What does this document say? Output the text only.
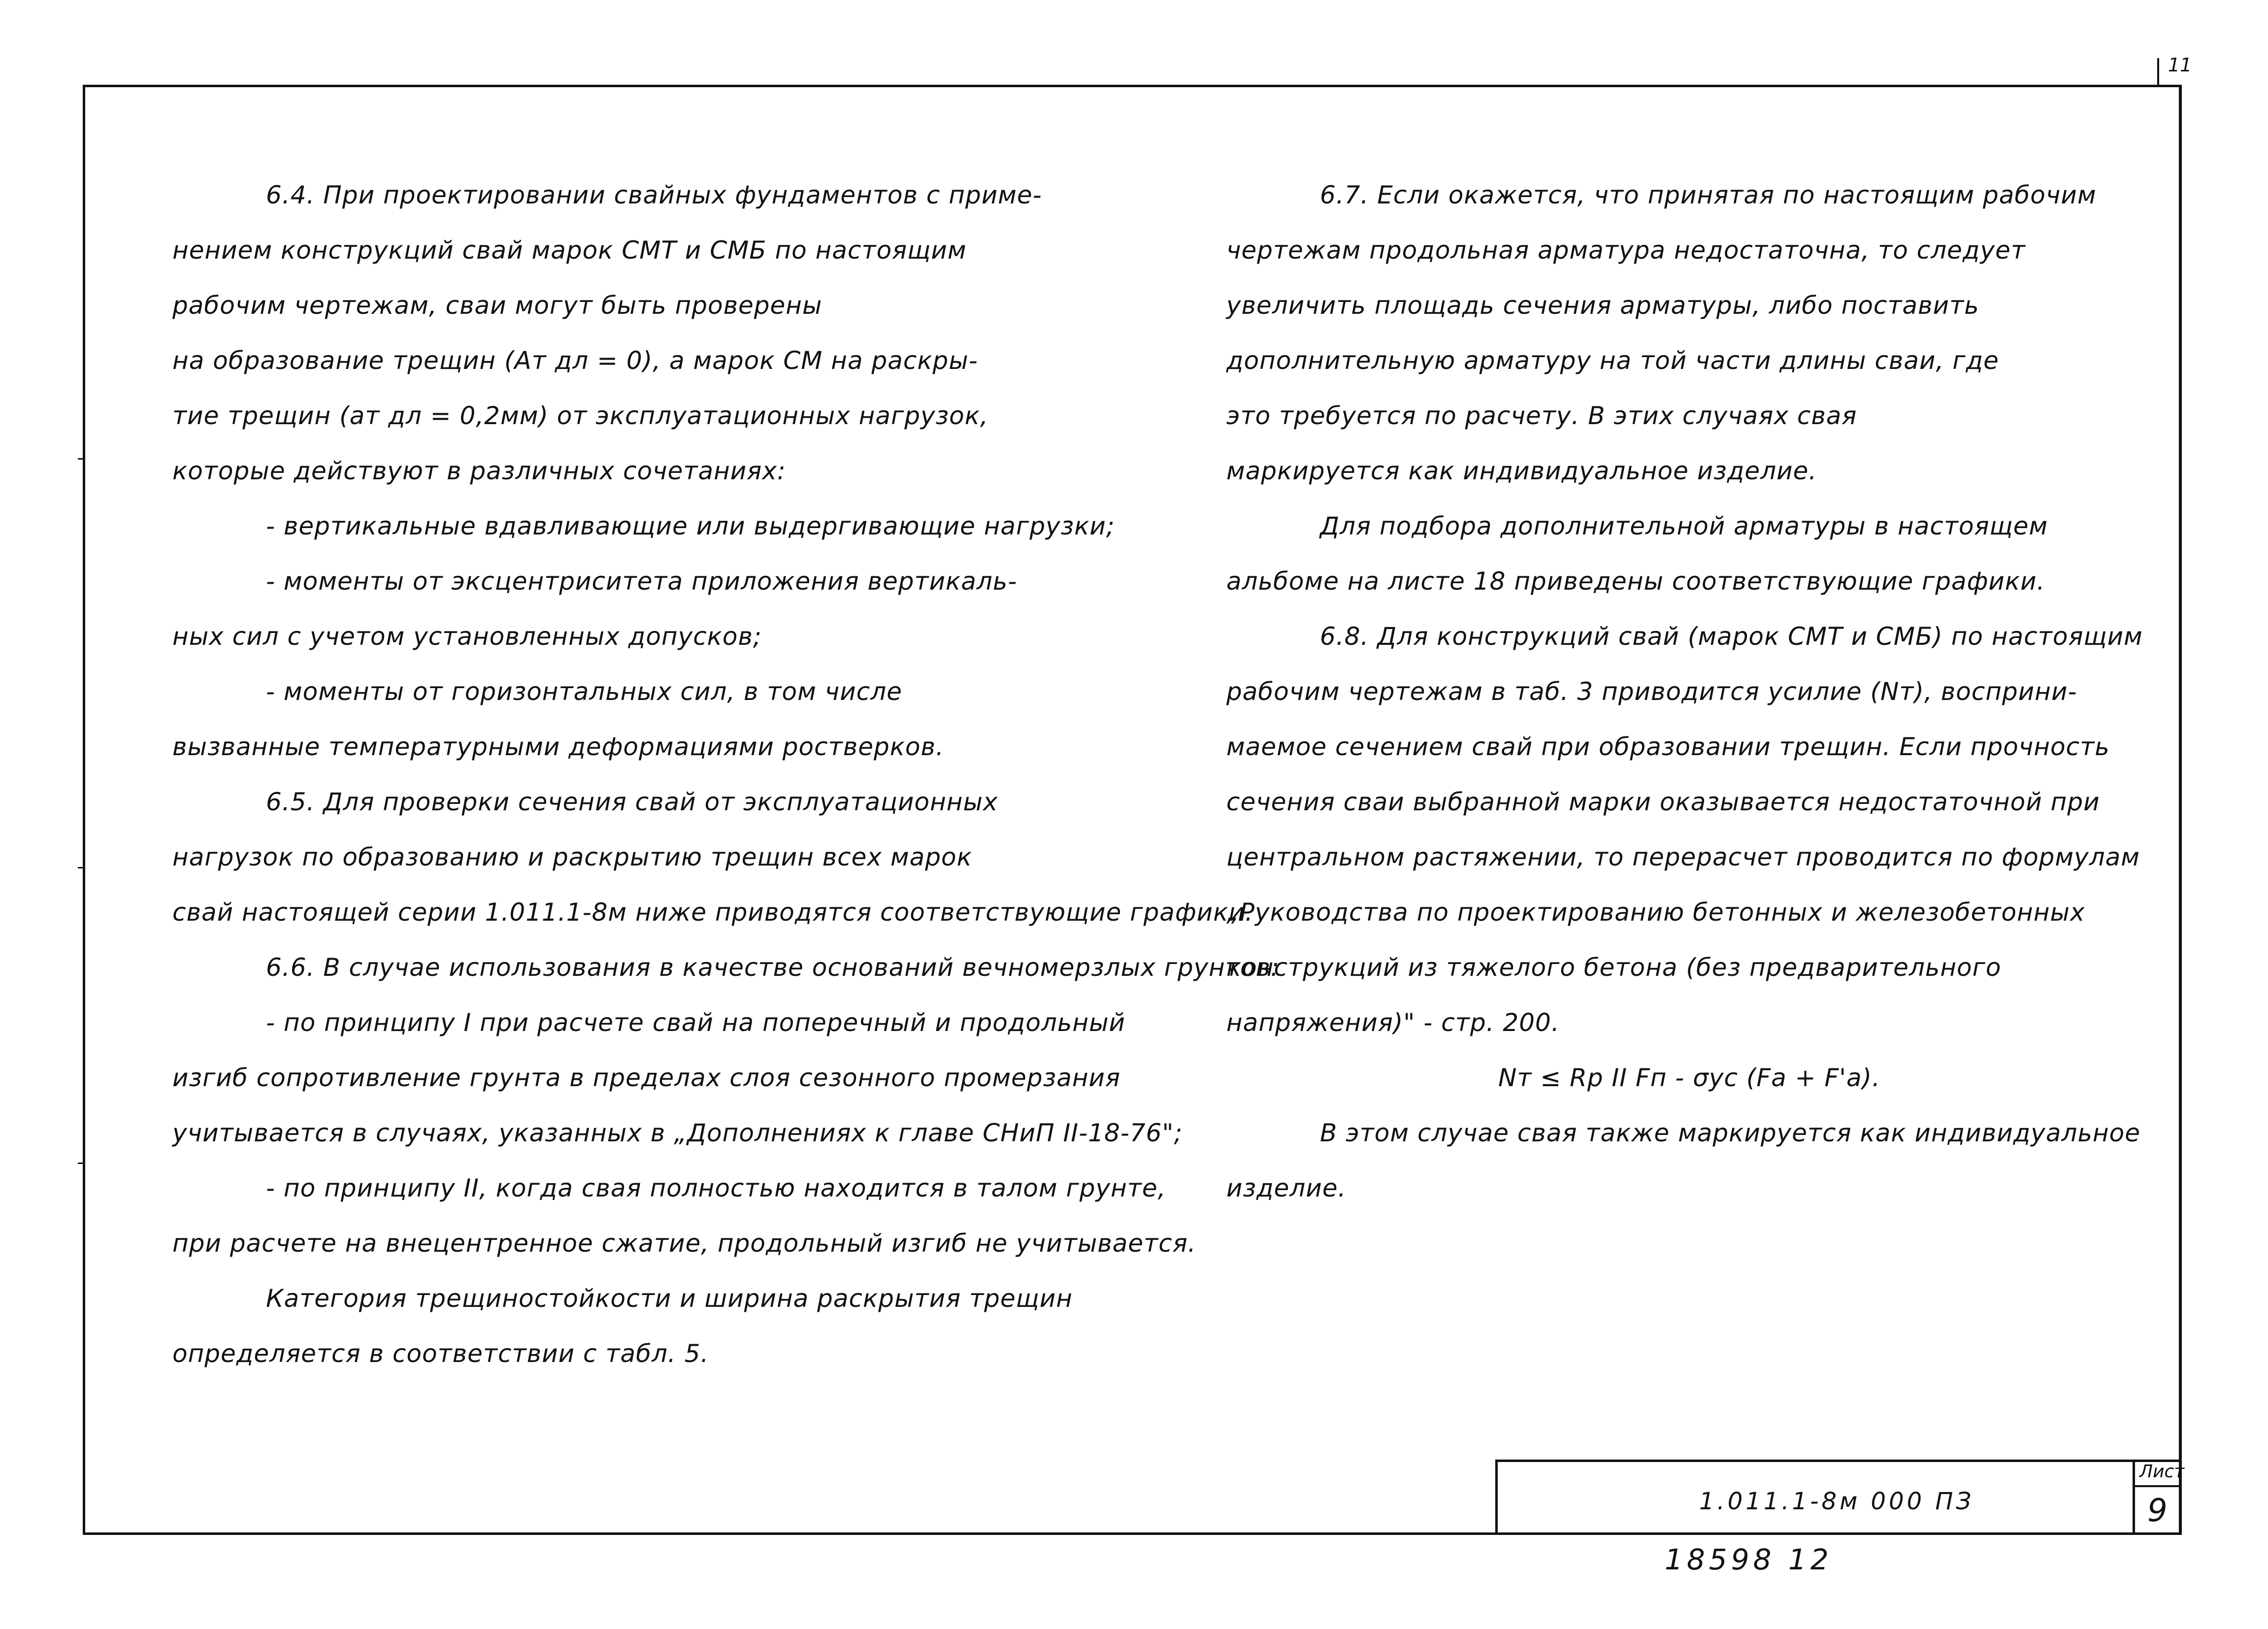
11
6.4. При проектировании свайных фундаментов с приме-
нением конструкций свай марок СМТ и СМБ по настоящим
рабочим чертежам, сваи могут быть проверены
на образование трещин (Ат дл = 0), а марок СМ на раскры-
тие трещин (ат дл = 0,2мм) от эксплуатационных нагрузок,
которые действуют в различных сочетаниях:
- вертикальные вдавливающие или выдергивающие нагрузки;
- моменты от эксцентриситета приложения вертикаль-
ных сил с учетом установленных допусков;
- моменты от горизонтальных сил, в том числе
вызванные температурными деформациями ростверков.
6.5. Для проверки сечения свай от эксплуатационных
нагрузок по образованию и раскрытию трещин всех марок
свай настоящей серии 1.011.1-8м ниже приводятся соответствующие графики.
6.6. В случае использования в качестве оснований вечномерзлых грунтов:
- по принципу I при расчете свай на поперечный и продольный
изгиб сопротивление грунта в пределах слоя сезонного промерзания
учитывается в случаях, указанных в „Дополнениях к главе СНиП II-18-76";
- по принципу II, когда свая полностью находится в талом грунте,
при расчете на внецентренное сжатие, продольный изгиб не учитывается.
Категория трещиностойкости и ширина раскрытия трещин
определяется в соответствии с табл. 5.
6.7. Если окажется, что принятая по настоящим рабочим
чертежам продольная арматура недостаточна, то следует
увеличить площадь сечения арматуры, либо поставить
дополнительную арматуру на той части длины сваи, где
это требуется по расчету. В этих случаях свая
маркируется как индивидуальное изделие.
Для подбора дополнительной арматуры в настоящем
альбоме на листе 18 приведены соответствующие графики.
6.8. Для конструкций свай (марок СМТ и СМБ) по настоящим
рабочим чертежам в таб. 3 приводится усилие (Nт), восприни-
маемое сечением свай при образовании трещин. Если прочность
сечения сваи выбранной марки оказывается недостаточной при
центральном растяжении, то перерасчет проводится по формулам
„Руководства по проектированию бетонных и железобетонных
конструкций из тяжелого бетона (без предварительного
напряжения)" - стр. 200.
Nт ≤ Rр II Fп - σус (Fа + F'а).
В этом случае свая также маркируется как индивидуальное
изделие.
1.011.1-8м 000 ПЗ
Лист
9
18598 12
